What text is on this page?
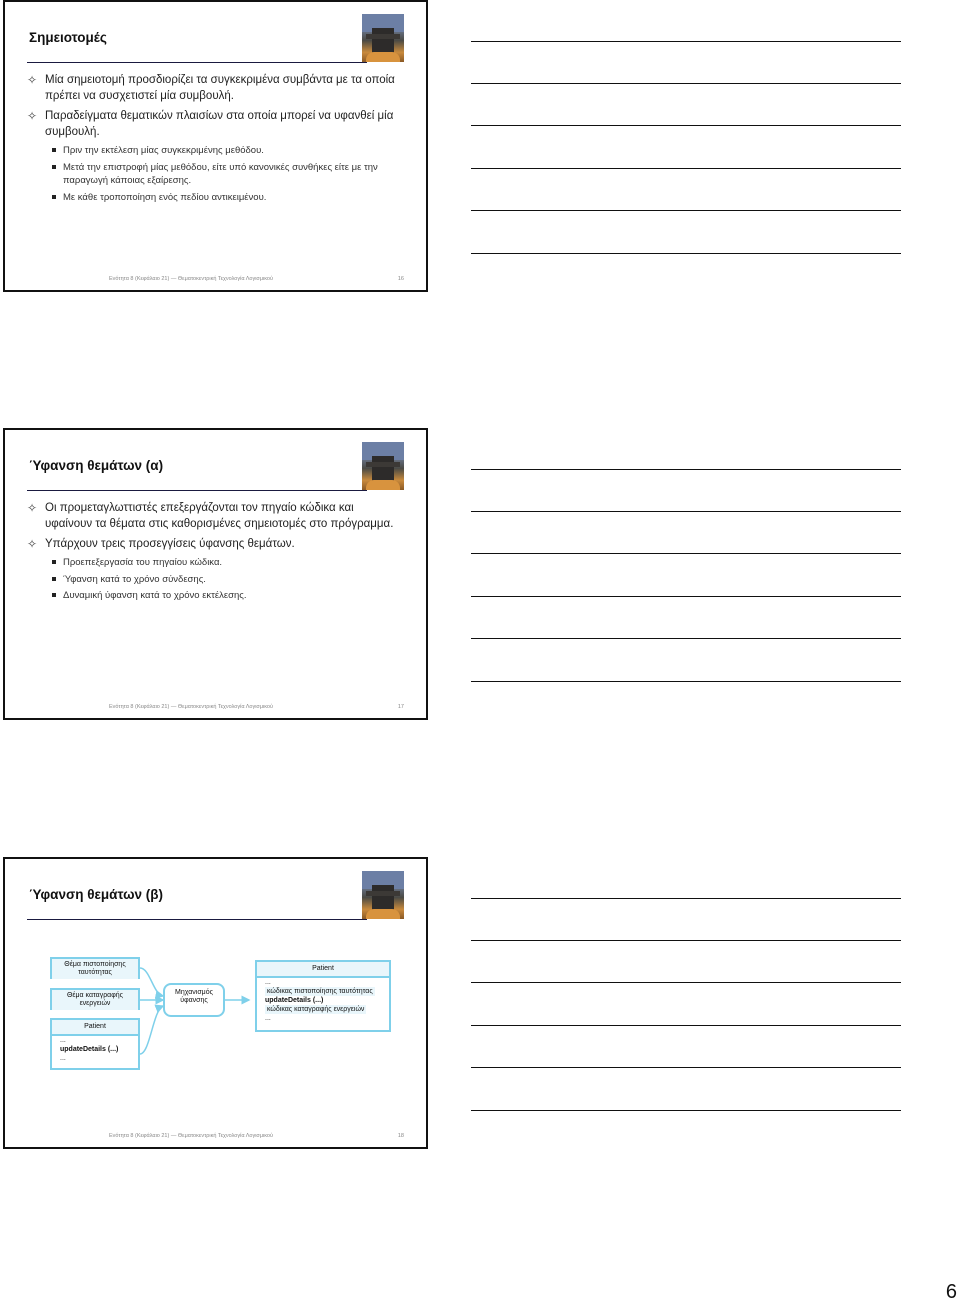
Σημειοτομές
✧ Μία σημειοτομή προσδιορίζει τα συγκεκριμένα συμβάντα με τα οποία πρέπει να συσχετιστεί μία συμβουλή.
✧ Παραδείγματα θεματικών πλαισίων στα οποία μπορεί να υφανθεί μία συμβουλή.
Πριν την εκτέλεση μίας συγκεκριμένης μεθόδου.
Μετά την επιστροφή μίας μεθόδου, είτε υπό κανονικές συνθήκες είτε με την παραγωγή κάποιας εξαίρεσης.
Με κάθε τροποποίηση ενός πεδίου αντικειμένου.
Ενότητα 8 (Κεφάλαιο 21) — Θεματοκεντρική Τεχνολογία Λογισμικού	16
Ύφανση θεμάτων (α)
✧ Οι προμεταγλωττιστές επεξεργάζονται τον πηγαίο κώδικα και υφαίνουν τα θέματα στις καθορισμένες σημειοτομές στο πρόγραμμα.
✧ Υπάρχουν τρεις προσεγγίσεις ύφανσης θεμάτων.
Προεπεξεργασία του πηγαίου κώδικα.
Ύφανση κατά το χρόνο σύνδεσης.
Δυναμική ύφανση κατά το χρόνο εκτέλεσης.
Ενότητα 8 (Κεφάλαιο 21) — Θεματοκεντρική Τεχνολογία Λογισμικού	17
Ύφανση θεμάτων (β)
Θέμα πιστοποίησης ταυτότητας
Θέμα καταγραφής ενεργειών
Patient
...
updateDetails (...)
...
Μηχανισμός ύφανσης
Patient
...
κώδικας πιστοποίησης ταυτότητας
updateDetails (...)
κώδικας καταγραφής ενεργειών
...
Ενότητα 8 (Κεφάλαιο 21) — Θεματοκεντρική Τεχνολογία Λογισμικού	18
6
